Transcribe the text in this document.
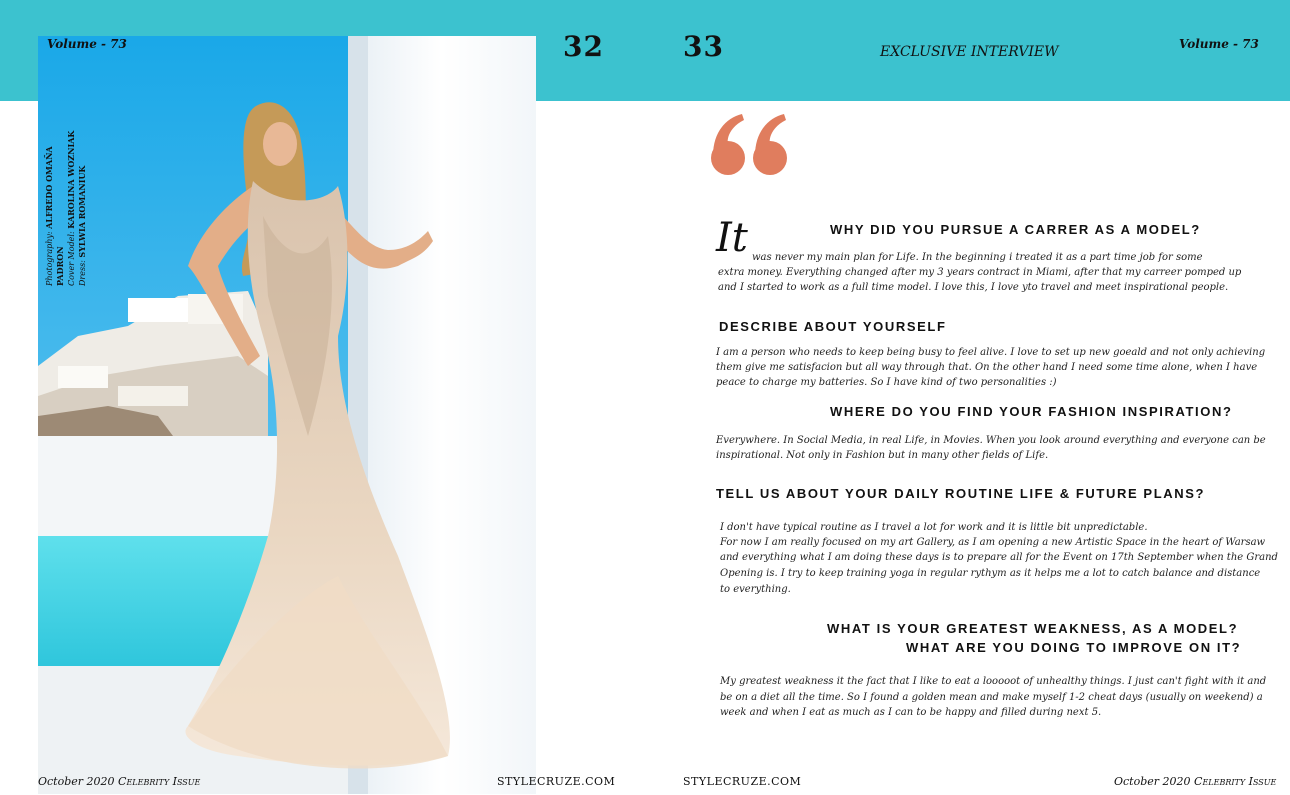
Volume - 73	32	33	EXCLUSIVE INTERVIEW	Volume - 73
Photography: ALFREDO OMAÑA PADRON Cover Model: KAROLINA WOZNIAK
Dress: SYLWIA ROMANIUK	WHY DID YOU PURSUE A CARRER AS A MODEL?
It was never my main plan for Life. In the beginning i treated it as a part time job for some
extra money. Everything changed after my 3 years contract in Miami, after that my carreer pomped up
and I started to work as a full time model. I love this, I love yto travel and meet inspirational people.
DESCRIBE ABOUT YOURSELF
I am a person who needs to keep being busy to feel alive. I love to set up new goeald and not only achieving
them give me satisfacion but all way through that. On the other hand I need some time alone, when I have
peace to charge my batteries. So I have kind of two personalities :)
WHERE DO YOU FIND YOUR FASHION INSPIRATION?
Everywhere. In Social Media, in real Life, in Movies. When you look around everything and everyone can be
inspirational. Not only in Fashion but in many other fields of Life.
TELL US ABOUT YOUR DAILY ROUTINE LIFE & FUTURE PLANS?
I don't have typical routine as I travel a lot for work and it is little bit unpredictable.
For now I am really focused on my art Gallery, as I am opening a new Artistic Space in the heart of Warsaw
and everything what I am doing these days is to prepare all for the Event on 17th September when the Grand
Opening is. I try to keep training yoga in regular rythym as it helps me a lot to catch balance and distance
to everything.
WHAT IS YOUR GREATEST WEAKNESS, AS A MODEL?
WHAT ARE YOU DOING TO IMPROVE ON IT?
My greatest weakness it the fact that I like to eat a looooot of unhealthy things. I just can't fight with it and
be on a diet all the time. So I found a golden mean and make myself 1-2 cheat days (usually on weekend) a
week and when I eat as much as I can to be happy and filled during next 5.
October 2020 Celebrity Issue	STYLECRUZE.COM	STYLECRUZE.COM	October 2020 Celebrity Issue
